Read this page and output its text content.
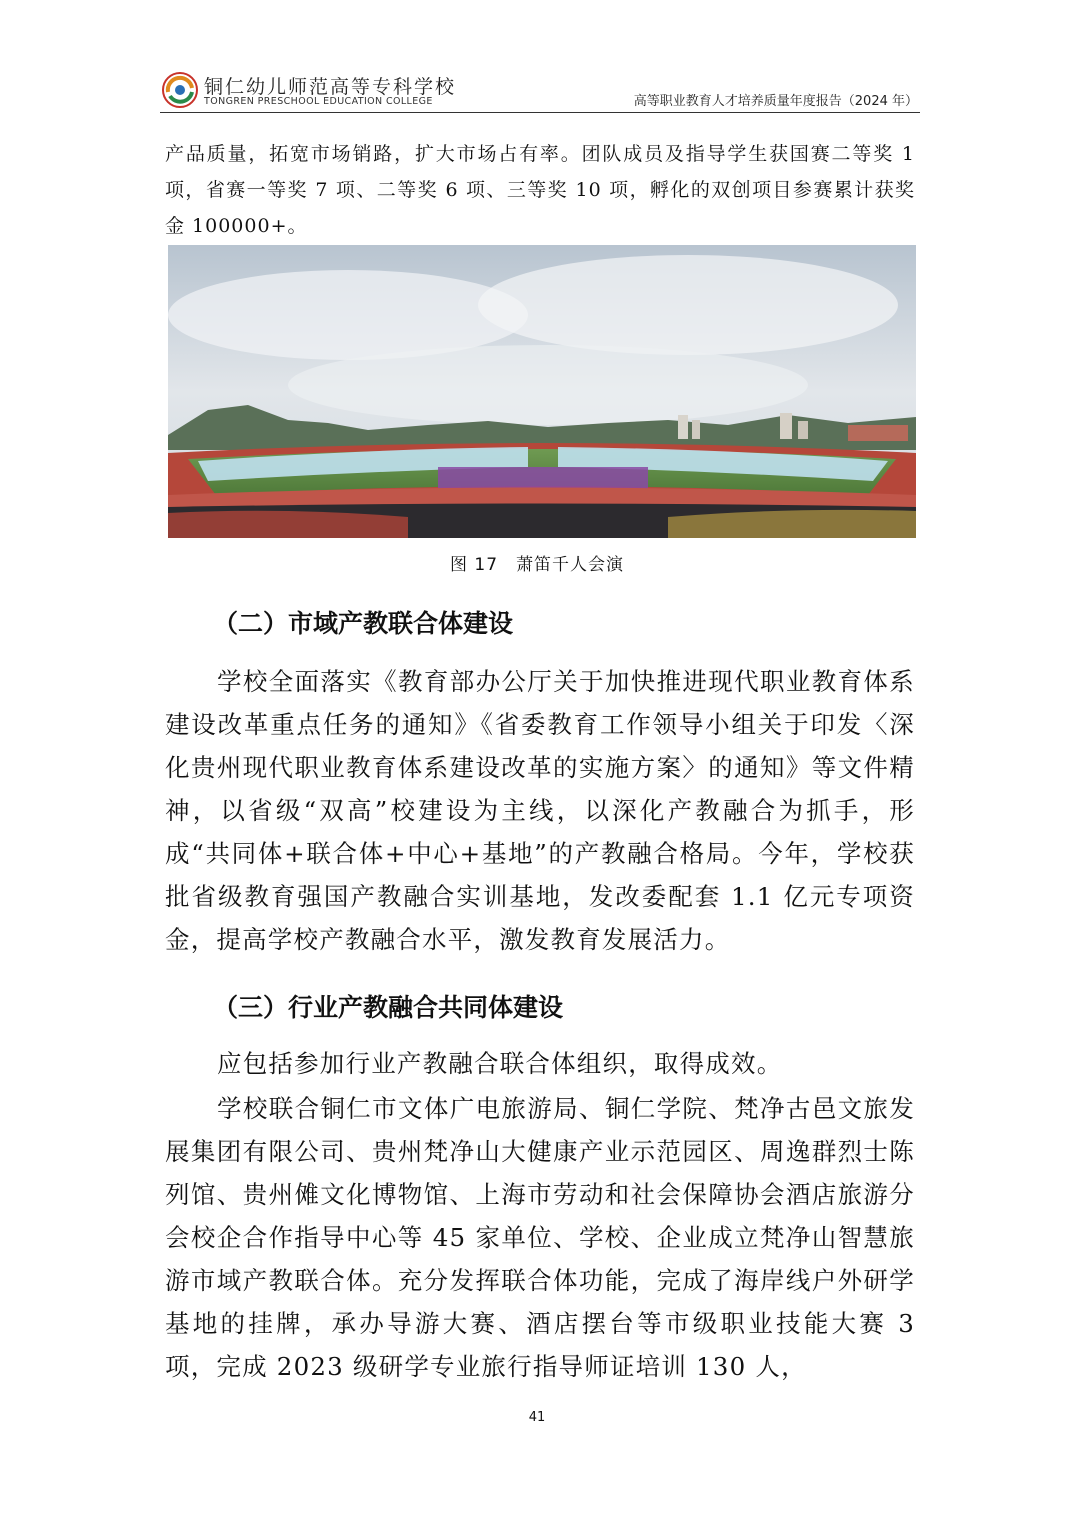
铜仁幼儿师范高等专科学校
TONGREN PRESCHOOL EDUCATION COLLEGE	高等职业教育人才培养质量年度报告（2024 年）
产品质量，拓宽市场销路，扩大市场占有率。团队成员及指导学生获国赛二等奖 1 项，省赛一等奖 7 项、二等奖 6 项、三等奖 10 项，孵化的双创项目参赛累计获奖金 100000+。
图 17　萧笛千人会演
（二）市域产教联合体建设
学校全面落实《教育部办公厅关于加快推进现代职业教育体系建设改革重点任务的通知》《省委教育工作领导小组关于印发〈深化贵州现代职业教育体系建设改革的实施方案〉的通知》等文件精神，以省级“双高”校建设为主线，以深化产教融合为抓手，形成“共同体+联合体+中心+基地”的产教融合格局。今年，学校获批省级教育强国产教融合实训基地，发改委配套 1.1 亿元专项资金，提高学校产教融合水平，激发教育发展活力。
（三）行业产教融合共同体建设
应包括参加行业产教融合联合体组织，取得成效。
学校联合铜仁市文体广电旅游局、铜仁学院、梵净古邑文旅发展集团有限公司、贵州梵净山大健康产业示范园区、周逸群烈士陈列馆、贵州傩文化博物馆、上海市劳动和社会保障协会酒店旅游分会校企合作指导中心等 45 家单位、学校、企业成立梵净山智慧旅游市域产教联合体。充分发挥联合体功能，完成了海岸线户外研学基地的挂牌，承办导游大赛、酒店摆台等市级职业技能大赛 3 项，完成 2023 级研学专业旅行指导师证培训 130 人，
41
